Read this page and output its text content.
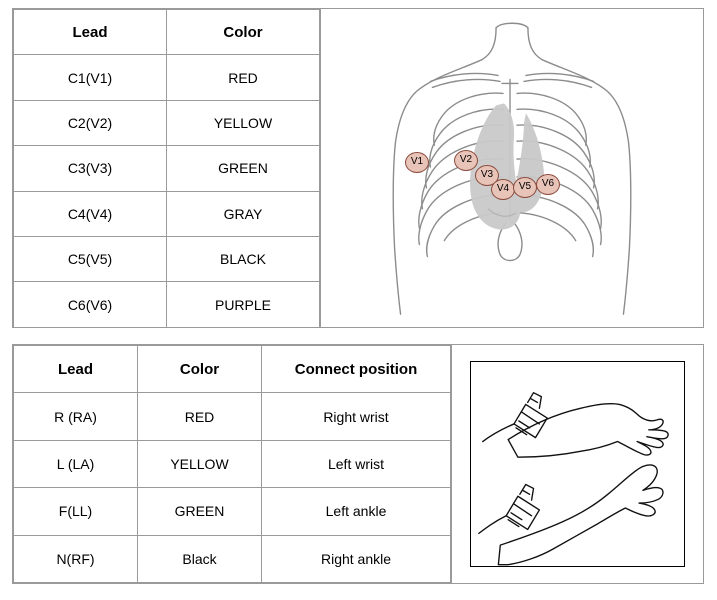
Lead	Color
C1(V1)	RED
C2(V2)	YELLOW
C3(V3)	GREEN
C4(V4)	GRAY
C5(V5)	BLACK
C6(V6)	PURPLE
V1	V2
V3
V4 V5	V6
Lead	Color	Connect position
R (RA)	RED	Right wrist
L (LA)	YELLOW	Left wrist
F(LL)	GREEN	Left ankle
N(RF)	Black	Right ankle
